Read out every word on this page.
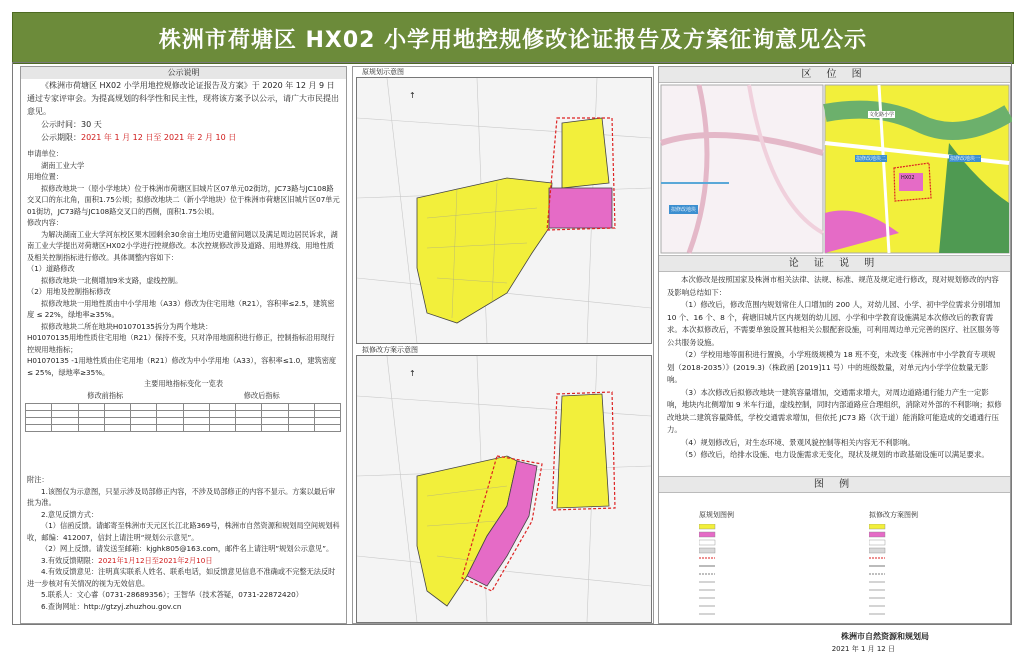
株洲市荷塘区 HX02 小学用地控规修改论证报告及方案征询意见公示
公示说明
《株洲市荷塘区 HX02 小学用地控规修改论证报告及方案》于 2020 年 12 月 9 日通过专家评审会。为提高规划的科学性和民主性，现将该方案予以公示，请广大市民提出意见。
公示时间：30 天
公示期限：2021 年 1 月 12 日至 2021 年 2 月 10 日
申请单位：
湖南工业大学
用地位置：
拟修改地块一（原小学地块）位于株洲市荷塘区旧城片区07单元02街坊，JC73路与JC108路交叉口的东北角，面积1.75公顷；拟修改地块二（新小学地块）位于株洲市荷塘区旧城片区07单元01街坊，JC73路与JC108路交叉口的西侧，面积1.75公顷。
修改内容：
为解决湖南工业大学河东校区果木园剩余30余亩土地历史遗留问题以及满足周边居民诉求，湖南工业大学提出对荷塘区HX02小学进行控规修改。本次控规修改涉及道路、用地界线、用地性质及相关控制指标进行修改。具体调整内容如下：
（1）道路修改
拟修改地块一北侧增加9米支路，虚线控制。
（2）用地及控制指标修改
拟修改地块一用地性质由中小学用地（A33）修改为住宅用地（R21），容积率≤2.5，建筑密度 ≤ 22%，绿地率≥35%。
拟修改地块二所在地块H01070135拆分为两个地块：
H01070135用地性质住宅用地（R21）保持不变，只对净用地面积进行修正，控制指标沿用现行控规用地指标；
H01070135 -1用地性质由住宅用地（R21）修改为中小学用地（A33），容积率≤1.0，建筑密度 ≤ 25%，绿地率≥35%。
主要用地指标变化一览表
修改前指标	修改后指标

附注：
1.该图仅为示意图，只显示涉及局部修正内容，不涉及局部修正的内容不显示。方案以最后审批为准。
2.意见反馈方式：
（1）信函反馈。请邮寄至株洲市天元区长江北路369号，株洲市自然资源和规划局空间规划科收，邮编：412007，信封上请注明“规划公示意见”。
（2）网上反馈。请发送至邮箱：kjghk805@163.com，邮件名上请注明”规划公示意见”。
3.有效反馈期限：2021年1月12日至2021年2月10日
4.有效反馈意见：注明真实联系人姓名、联系电话，如反馈意见信息不准确或不完整无法反时进一步核对有关情况的视为无效信息。
5.联系人：文心睿（0731-28689356）；王智华（技术答疑，0731-22872420）
6.查询网址：http://gtzyj.zhuzhou.gov.cn
原规划示意图
↑
拟修改方案示意图
↑
区 位 图
拟修改地块
文化路小学
拟修改地块二	拟修改地块一
HX02
论 证 说 明

本次修改是按照国家及株洲市相关法律、法规、标准、规范及规定进行修改，现对规划修改的内容及影响总结如下：

（1）修改后，修改范围内规划常住人口增加的 200 人，对幼儿园、小学、初中学位需求分别增加 10 个、16 个、8 个，荷塘旧城片区内规划的幼儿园、小学和中学教育设施满足本次修改后的教育需求。本次拟修改后，不需要单独设置其他相关公服配套设施，可利用周边单元完善的医疗、社区服务等公共服务设施。

（2）学校用地等面积进行置换，小学班级规模为 18 班不变，未改变《株洲市中小学教育专项规划（2018-2035）》(2019.3)（株政函 [2019]11 号）中的班级数量，对单元内小学学位数量无影响。

（3）本次修改后拟修改地块一建筑容量增加，交通需求增大，对周边道路通行能力产生一定影响，地块内北侧增加 9 米车行道，虚线控制，同时内部道路应合理组织，消除对外部的不利影响；拟修改地块二建筑容量降低，学校交通需求增加，但依托 JC73 路（次干道）能消除可能造成的交通通行压力。

（4）规划修改后，对生态环境、景观风貌控制等相关内容无不利影响。

（5）修改后，给排水设施、电力设施需求无变化，现状及规划的市政基础设施可以满足要求。

图 例
原规划图例	拟修改方案图例
株洲市自然资源和规划局
2021 年 1 月 12 日
